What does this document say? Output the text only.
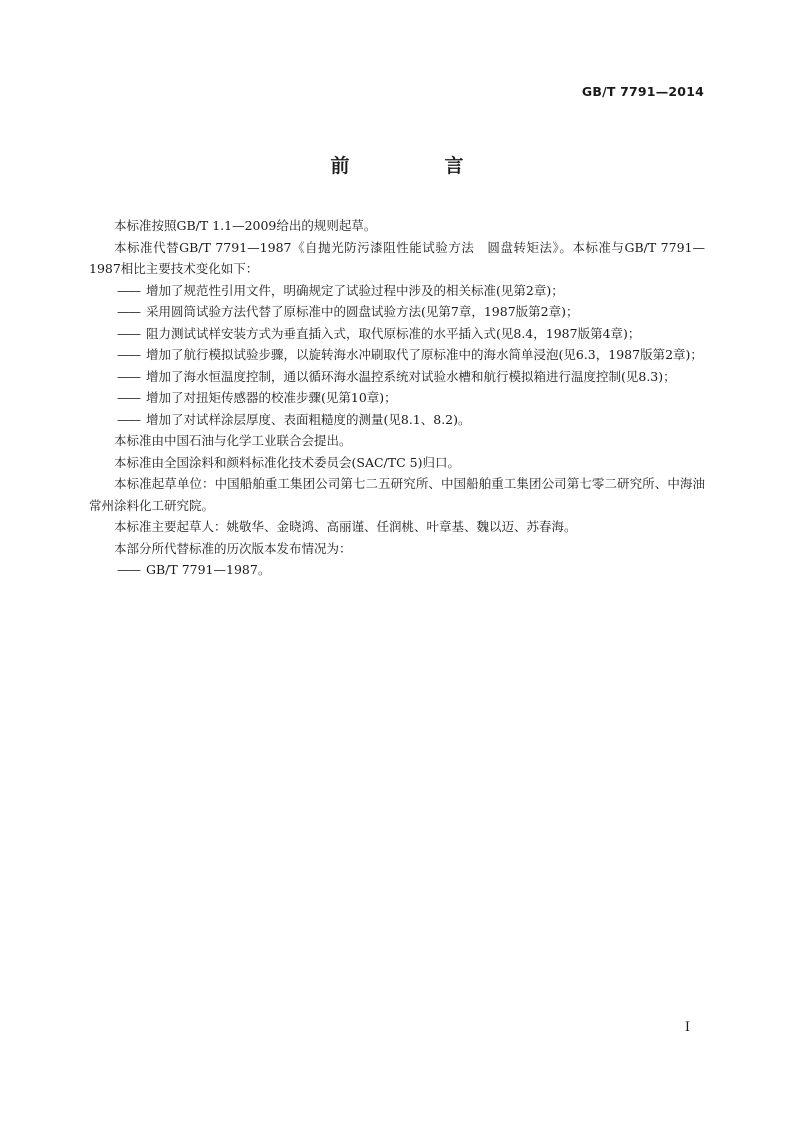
GB/T 7791—2014
前　言

本标准按照GB/T 1.1—2009给出的规则起草。

本标准代替GB/T 7791—1987《自抛光防污漆阻性能试验方法　圆盘转矩法》。本标准与GB/T 7791—1987相比主要技术变化如下：

—— 增加了规范性引用文件，明确规定了试验过程中涉及的相关标准(见第2章)；

—— 采用圆筒试验方法代替了原标准中的圆盘试验方法(见第7章，1987版第2章)；

—— 阻力测试试样安装方式为垂直插入式，取代原标准的水平插入式(见8.4，1987版第4章)；

—— 增加了航行模拟试验步骤，以旋转海水冲刷取代了原标准中的海水简单浸泡(见6.3，1987版第2章)；

—— 增加了海水恒温度控制，通以循环海水温控系统对试验水槽和航行模拟箱进行温度控制(见8.3)；

—— 增加了对扭矩传感器的校准步骤(见第10章)；

—— 增加了对试样涂层厚度、表面粗糙度的测量(见8.1、8.2)。

本标准由中国石油与化学工业联合会提出。

本标准由全国涂料和颜料标准化技术委员会(SAC/TC 5)归口。

本标准起草单位：中国船舶重工集团公司第七二五研究所、中国船舶重工集团公司第七零二研究所、中海油常州涂料化工研究院。

本标准主要起草人：姚敬华、金晓鸿、高丽谨、任润桃、叶章基、魏以迈、苏春海。

本部分所代替标准的历次版本发布情况为：

—— GB/T 7791—1987。

I
